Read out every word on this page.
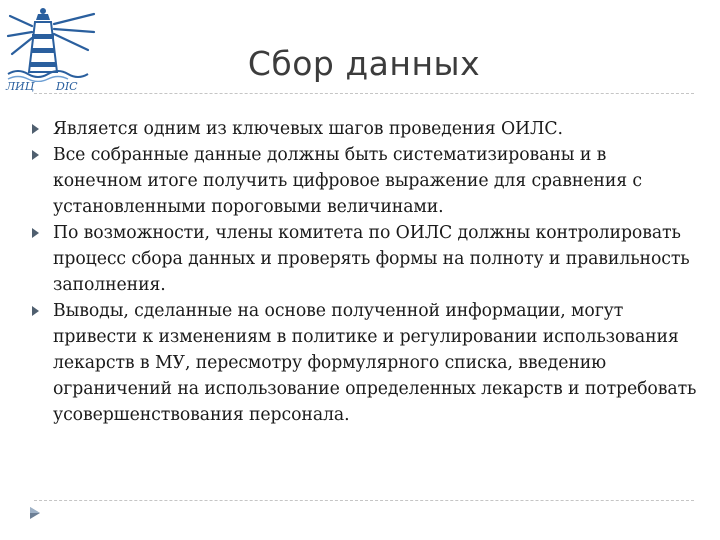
ЛИЦ DIC
Сбор данных
Является одним из ключевых шагов проведения ОИЛС.
Все собранные данные должны быть систематизированы и в конечном итоге получить цифровое выражение для сравнения с установленными пороговыми величинами.
По возможности, члены комитета по ОИЛС должны контролировать процесс сбора данных и проверять формы на полноту и правильность заполнения.
Выводы, сделанные на основе полученной информации, могут привести к изменениям в политике и регулировании использования лекарств в МУ, пересмотру формулярного списка, введению ограничений на использование определенных лекарств и потребовать усовершенствования персонала.
